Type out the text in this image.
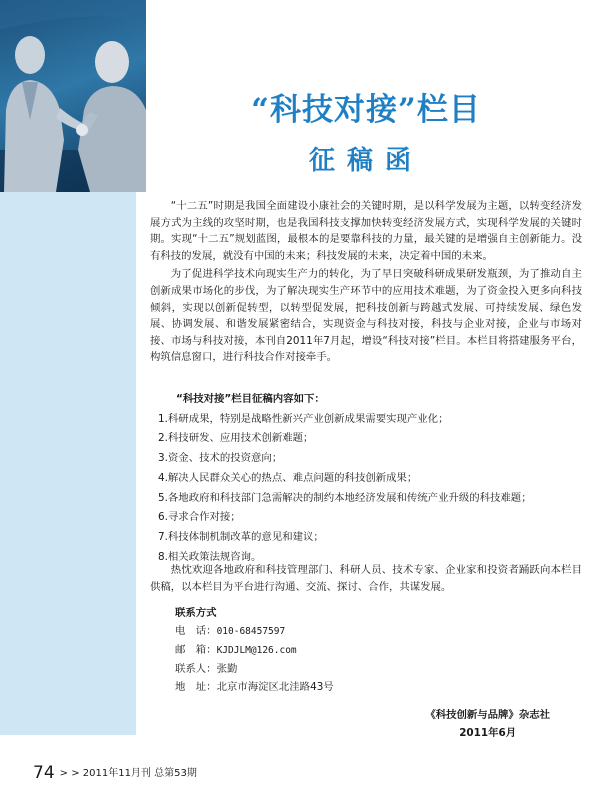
“科技对接”栏目
征稿函

“十二五”时期是我国全面建设小康社会的关键时期，是以科学发展为主题，以转变经济发展方式为主线的攻坚时期，也是我国科技支撑加快转变经济发展方式，实现科学发展的关键时期。实现“十二五”规划蓝图，最根本的是要靠科技的力量，最关键的是增强自主创新能力。没有科技的发展，就没有中国的未来；科技发展的未来，决定着中国的未来。

为了促进科学技术向现实生产力的转化，为了早日突破科研成果研发瓶颈，为了推动自主创新成果市场化的步伐，为了解决现实生产环节中的应用技术难题，为了资金投入更多向科技倾斜，实现以创新促转型，以转型促发展，把科技创新与跨越式发展、可持续发展、绿色发展、协调发展、和谐发展紧密结合，实现资金与科技对接，科技与企业对接，企业与市场对接、市场与科技对接，本刊自2011年7月起，增设“科技对接”栏目。本栏目将搭建服务平台，构筑信息窗口，进行科技合作对接牵手。

“科技对接”栏目征稿内容如下：
1.科研成果，特别是战略性新兴产业创新成果需要实现产业化；
2.科技研发、应用技术创新难题；
3.资金、技术的投资意向；
4.解决人民群众关心的热点、难点问题的科技创新成果；
5.各地政府和科技部门急需解决的制约本地经济发展和传统产业升级的科技难题；
6.寻求合作对接；
7.科技体制机制改革的意见和建议；
8.相关政策法规咨询。

热忱欢迎各地政府和科技管理部门、科研人员、技术专家、企业家和投资者踊跃向本栏目供稿，以本栏目为平台进行沟通、交流、探讨、合作，共谋发展。

联系方式
电　话：010-68457597
邮　箱：KJDJLM@126.com
联系人：张勤
地　址：北京市海淀区北洼路43号
《科技创新与品牌》杂志社
2011年6月
74 > > 2011年11月刊 总第53期
